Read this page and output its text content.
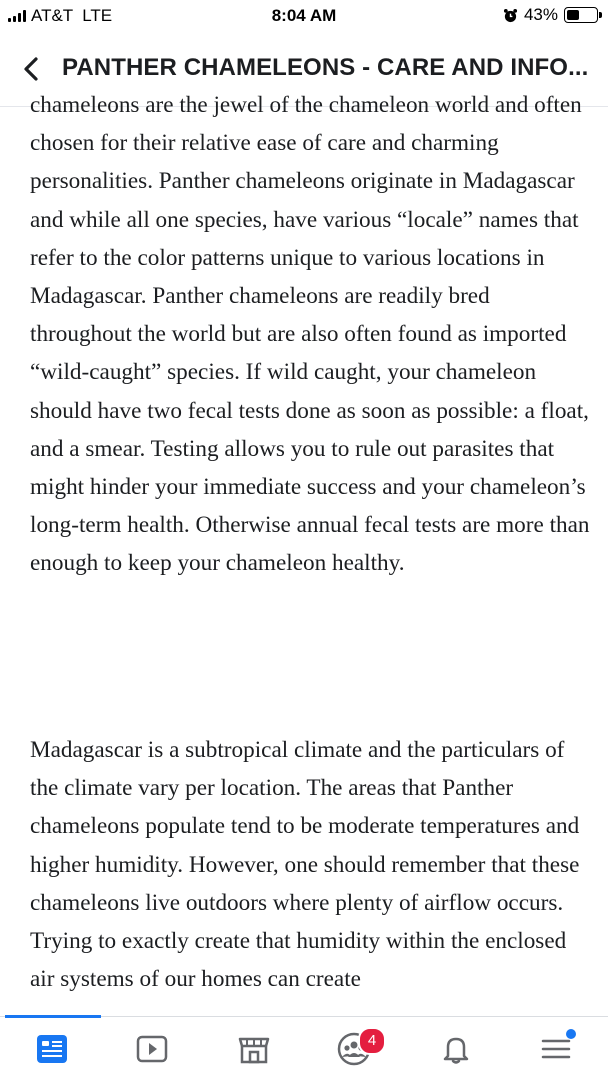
AT&T LTE	8:04 AM	43%
PANTHER CHAMELEONS - CARE AND INFO...

chameleons are the jewel of the chameleon world and often chosen for their relative ease of care and charming personalities. Panther chameleons originate in Madagascar and while all one species, have various “locale” names that refer to the color patterns unique to various locations in Madagascar. Panther chameleons are readily bred throughout the world but are also often found as imported “wild-caught” species. If wild caught, your chameleon should have two fecal tests done as soon as possible: a float, and a smear. Testing allows you to rule out parasites that might hinder your immediate success and your chameleon’s long-term health. Otherwise annual fecal tests are more than enough to keep your chameleon healthy.

Madagascar is a subtropical climate and the particulars of the climate vary per location. The areas that Panther chameleons populate tend to be moderate temperatures and higher humidity. However, one should remember that these chameleons live outdoors where plenty of airflow occurs. Trying to exactly create that humidity within the enclosed air systems of our homes can create

4
